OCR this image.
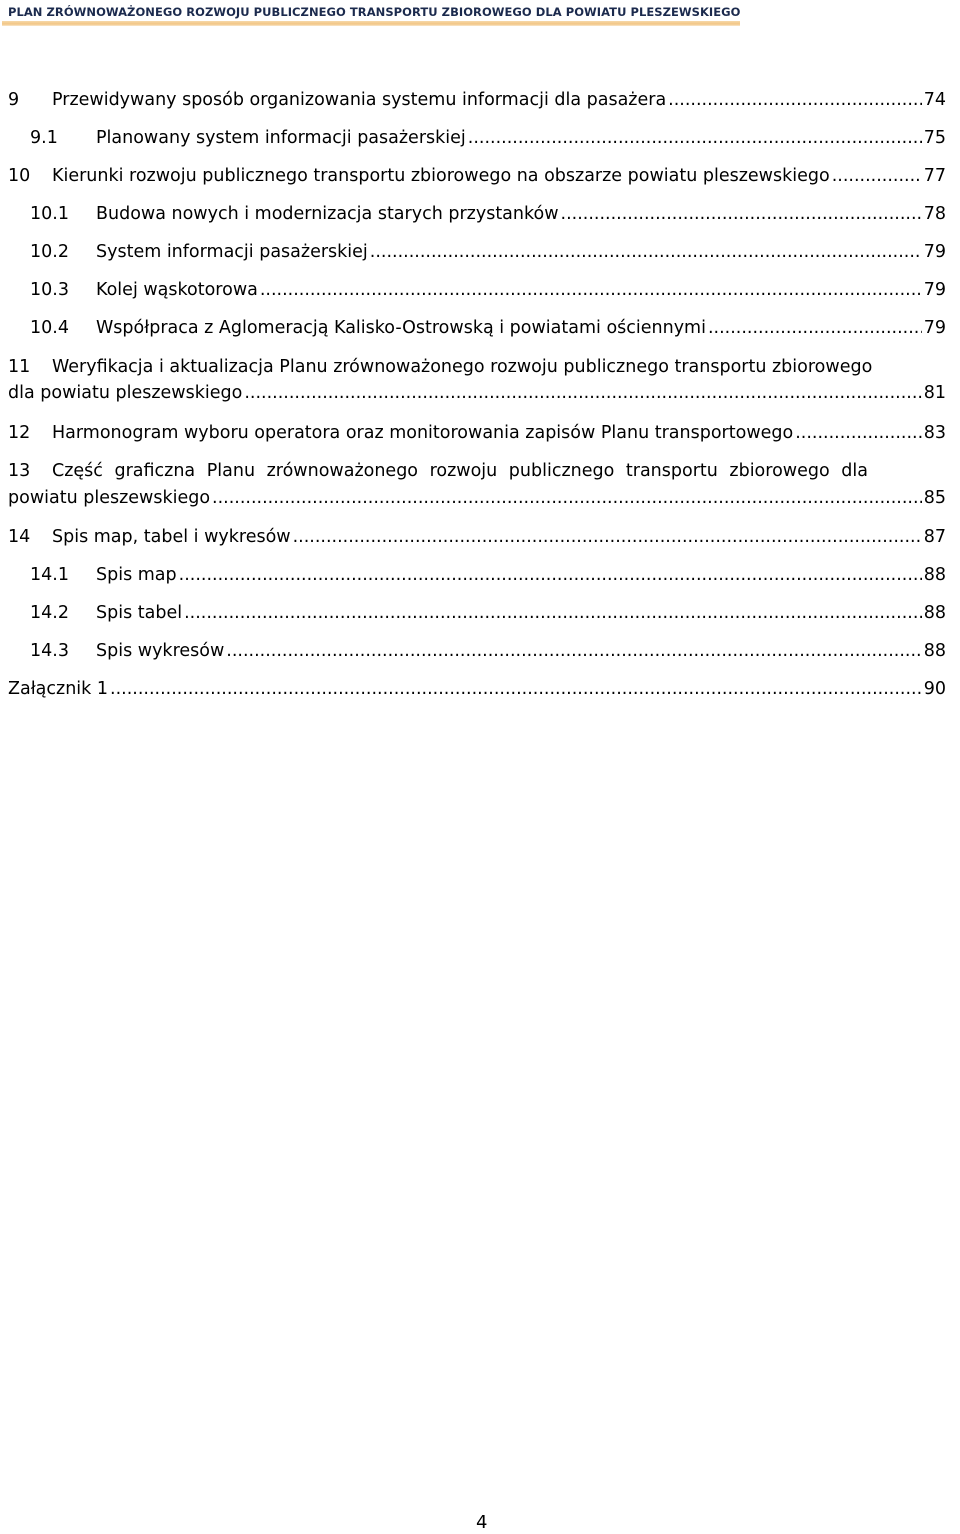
PLAN ZRÓWNOWAŻONEGO ROZWOJU PUBLICZNEGO TRANSPORTU ZBIOROWEGO DLA POWIATU PLESZEWSKIEGO
9	Przewidywany sposób organizowania systemu informacji dla pasażera .....	74
9.1	Planowany system informacji pasażerskiej .....	75
10	Kierunki rozwoju publicznego transportu zbiorowego na obszarze powiatu pleszewskiego .....	77
10.1	Budowa nowych i modernizacja starych przystanków .....	78
10.2	System informacji pasażerskiej .....	79
10.3	Kolej wąskotorowa .....	79
10.4	Współpraca z Aglomeracją Kalisko-Ostrowską i powiatami ościennymi .....	79
11 Weryfikacja i aktualizacja Planu zrównoważonego rozwoju publicznego transportu zbiorowego
dla powiatu pleszewskiego .....	81
12	Harmonogram wyboru operatora oraz monitorowania zapisów Planu transportowego .....	83
13 Część graficzna Planu zrównoważonego rozwoju publicznego transportu zbiorowego dla
powiatu pleszewskiego .....	85
14	Spis map, tabel i wykresów .....	87
14.1	Spis map .....	88
14.2	Spis tabel .....	88
14.3	Spis wykresów .....	88
Załącznik 1 .....	90
4
